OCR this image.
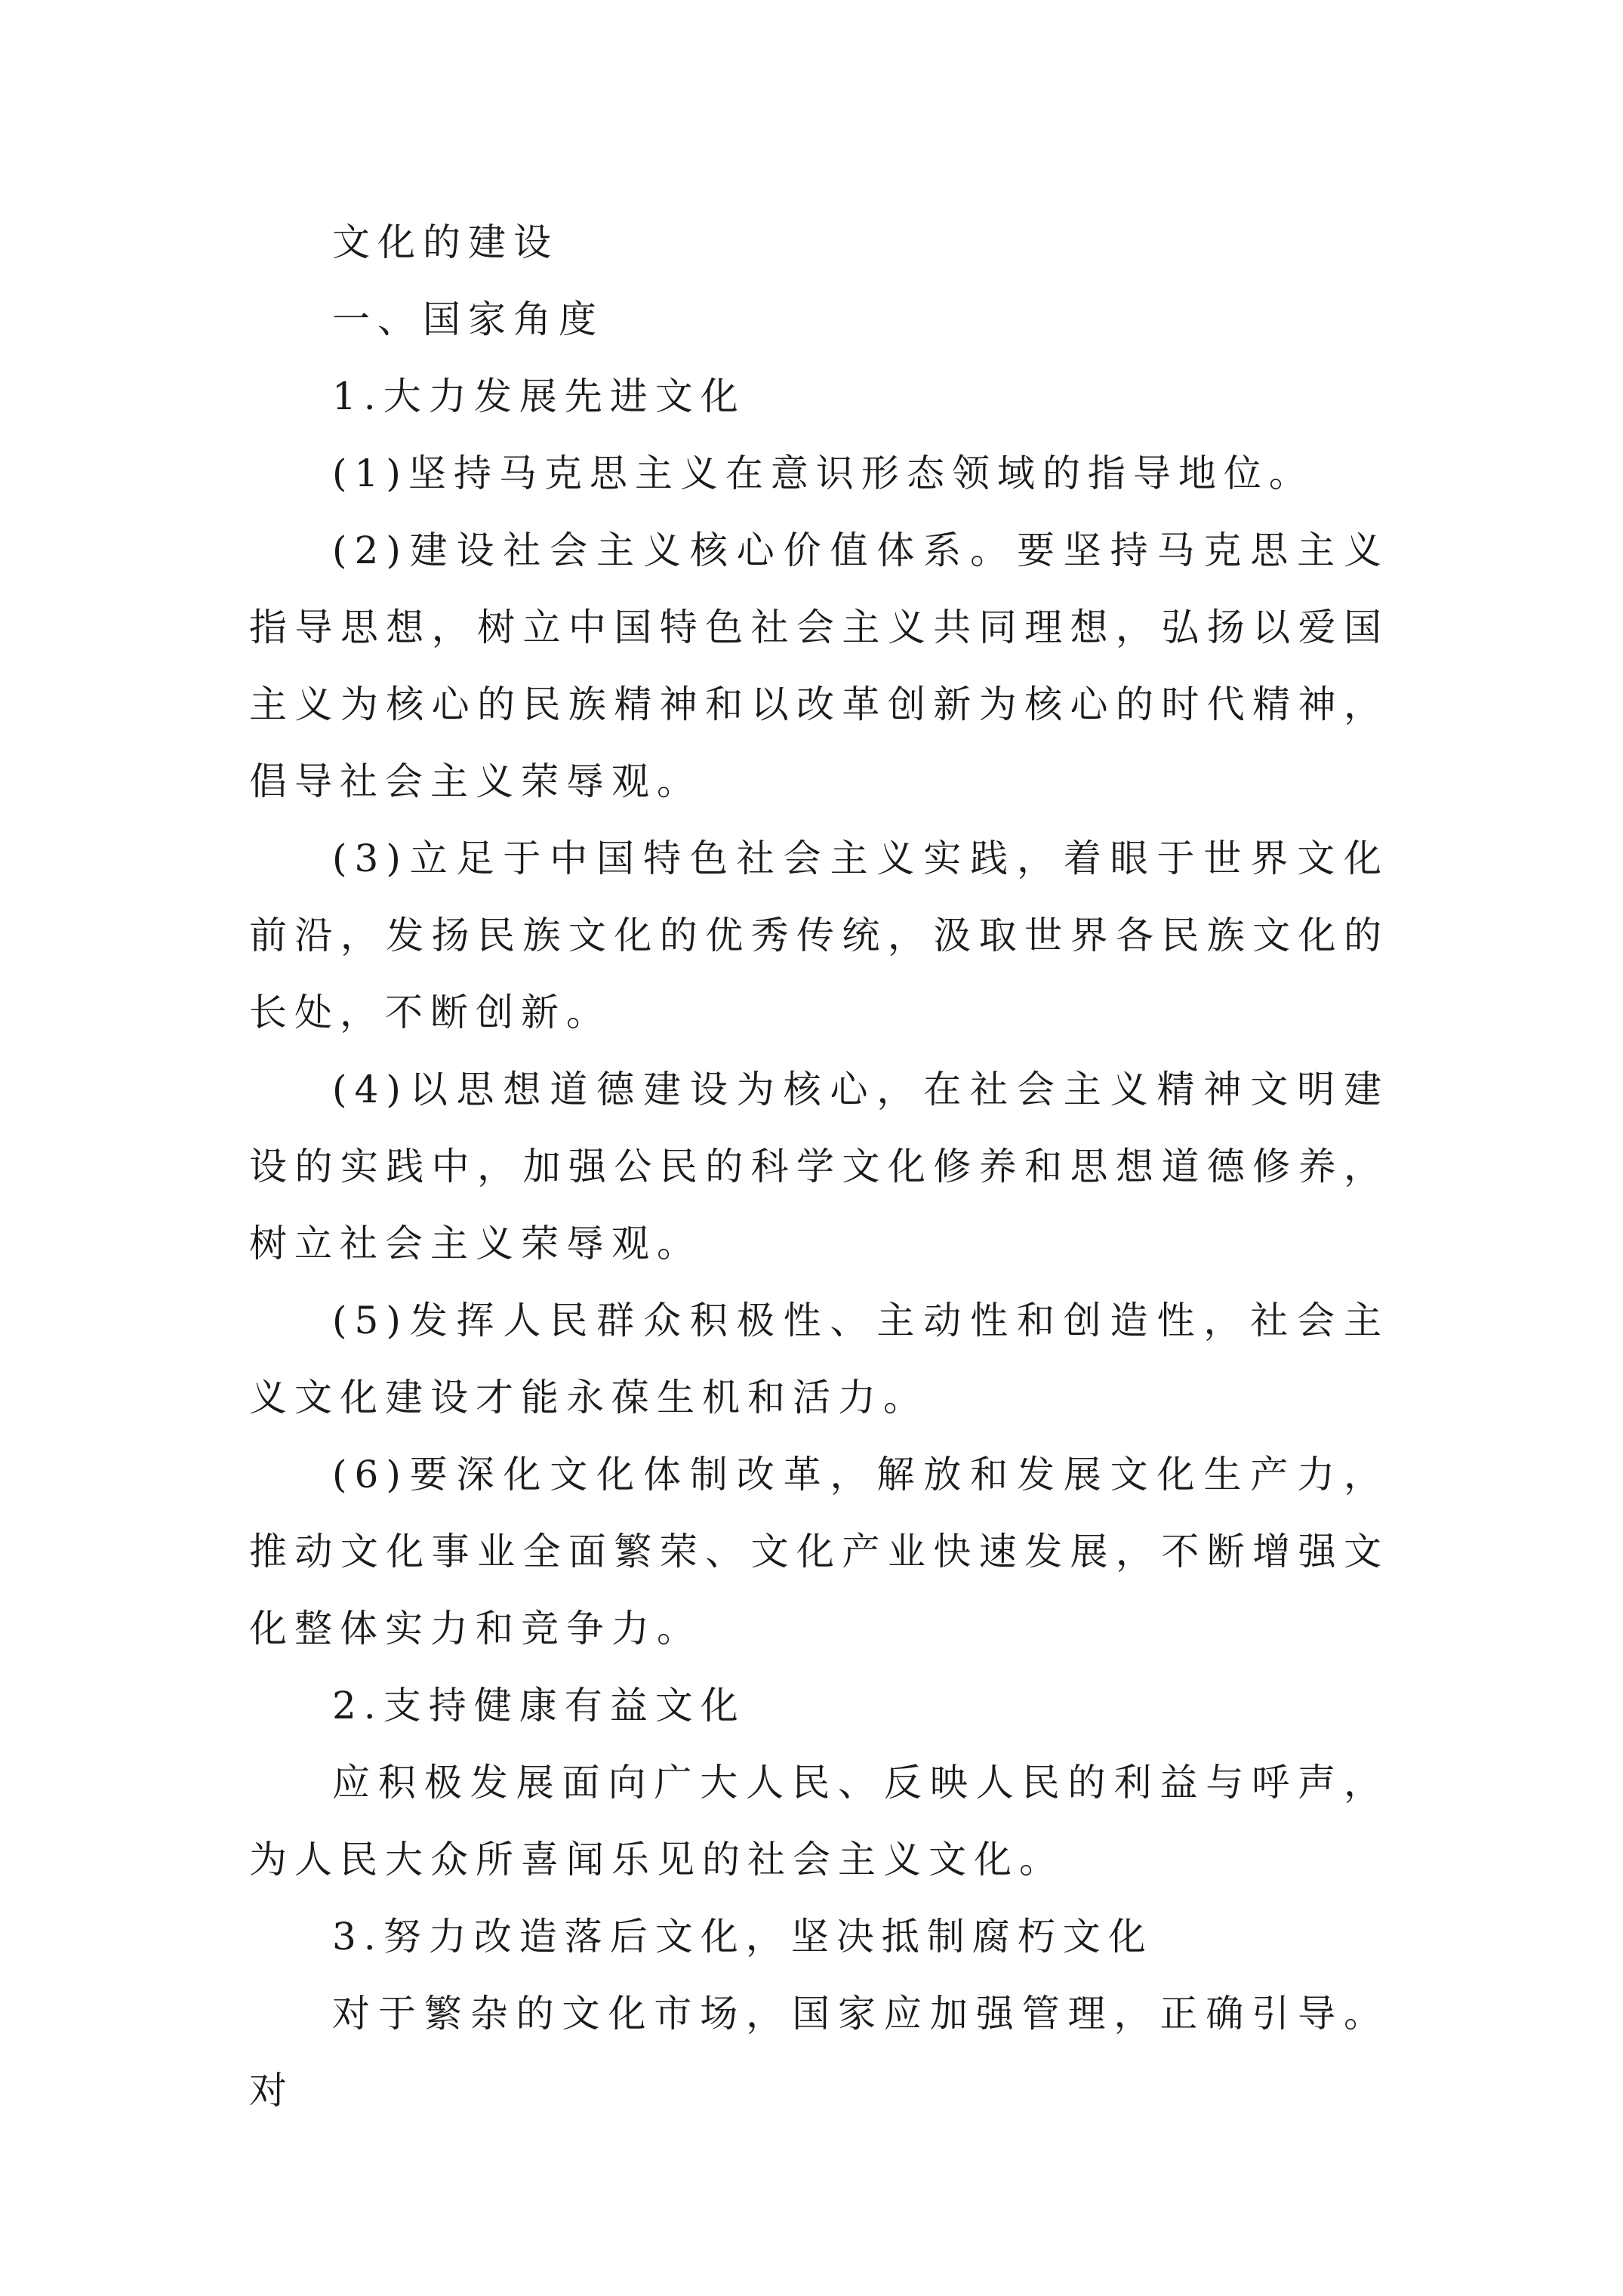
文化的建设

一、国家角度

1.大力发展先进文化

(1)坚持马克思主义在意识形态领域的指导地位。

(2)建设社会主义核心价值体系。要坚持马克思主义指导思想，树立中国特色社会主义共同理想，弘扬以爱国主义为核心的民族精神和以改革创新为核心的时代精神，倡导社会主义荣辱观。

(3)立足于中国特色社会主义实践，着眼于世界文化前沿，发扬民族文化的优秀传统，汲取世界各民族文化的长处，不断创新。

(4)以思想道德建设为核心，在社会主义精神文明建设的实践中，加强公民的科学文化修养和思想道德修养，树立社会主义荣辱观。

(5)发挥人民群众积极性、主动性和创造性，社会主义文化建设才能永葆生机和活力。

(6)要深化文化体制改革，解放和发展文化生产力，推动文化事业全面繁荣、文化产业快速发展，不断增强文化整体实力和竞争力。

2.支持健康有益文化

应积极发展面向广大人民、反映人民的利益与呼声，为人民大众所喜闻乐见的社会主义文化。

3.努力改造落后文化，坚决抵制腐朽文化

对于繁杂的文化市场，国家应加强管理，正确引导。对
